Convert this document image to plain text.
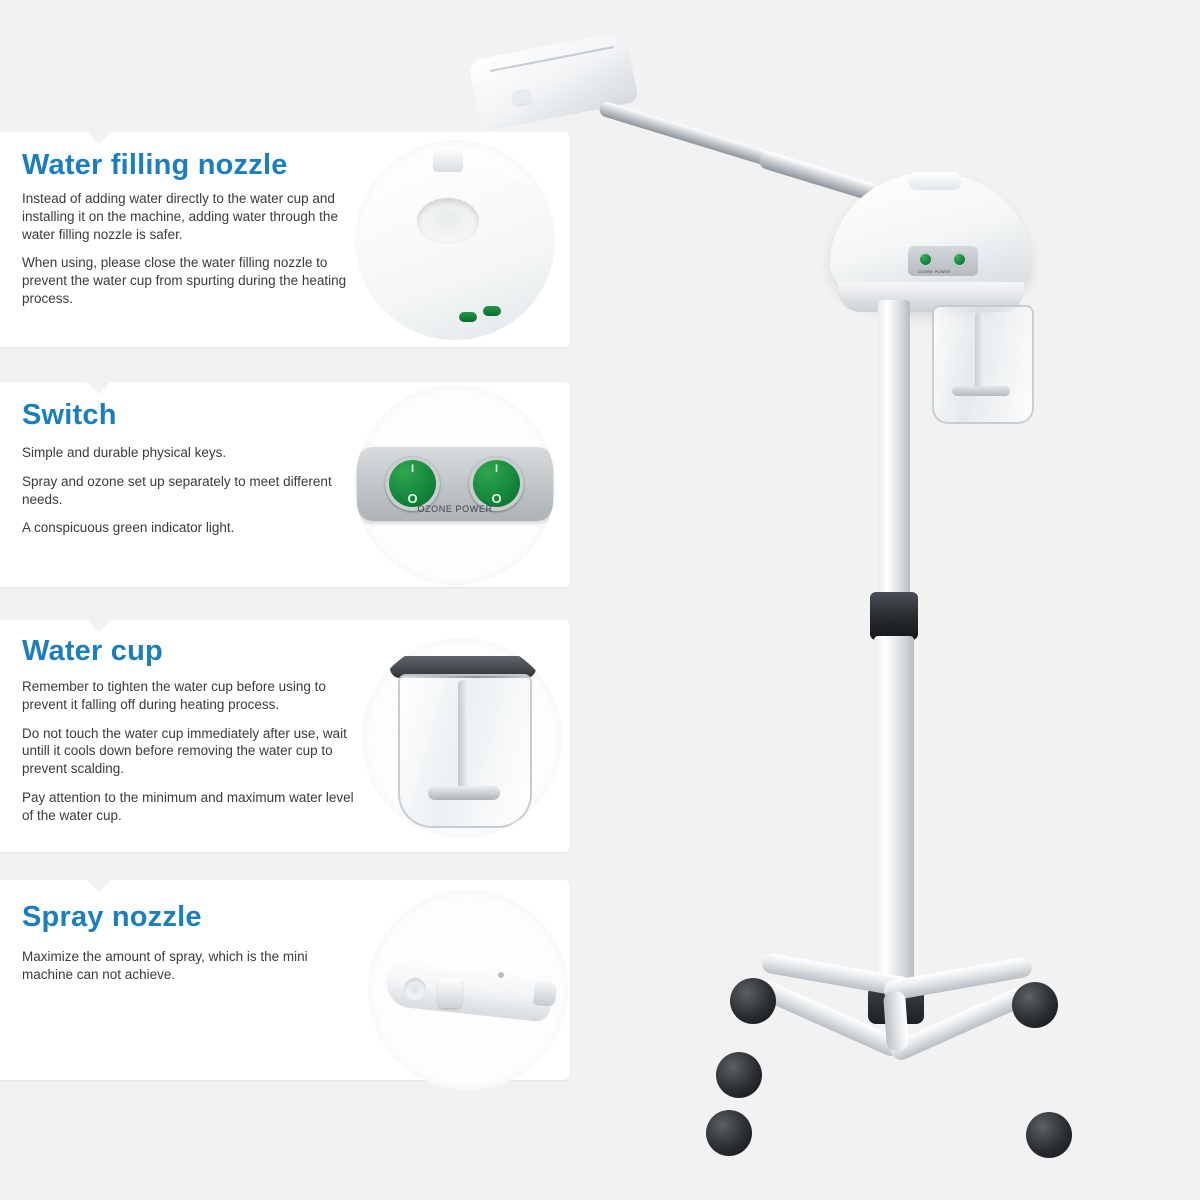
OZONE POWER
Water filling nozzle

Instead of adding water directly to the water cup and installing it on the machine, adding water through the water filling nozzle is safer.

When using, please close the water filling nozzle to prevent the water cup from spurting during the heating process.

Switch

Simple and durable physical keys.

Spray and ozone set up separately to meet different needs.

A conspicuous green indicator light.

I
O
I
O
OZONE POWER
Water cup

Remember to tighten the water cup before using to prevent it falling off during heating process.

Do not touch the water cup immediately after use, wait untill it cools down before removing the water cup to prevent scalding.

Pay attention to the minimum and maximum water level of the water cup.

Spray nozzle

Maximize the amount of spray, which is the mini machine can not achieve.
